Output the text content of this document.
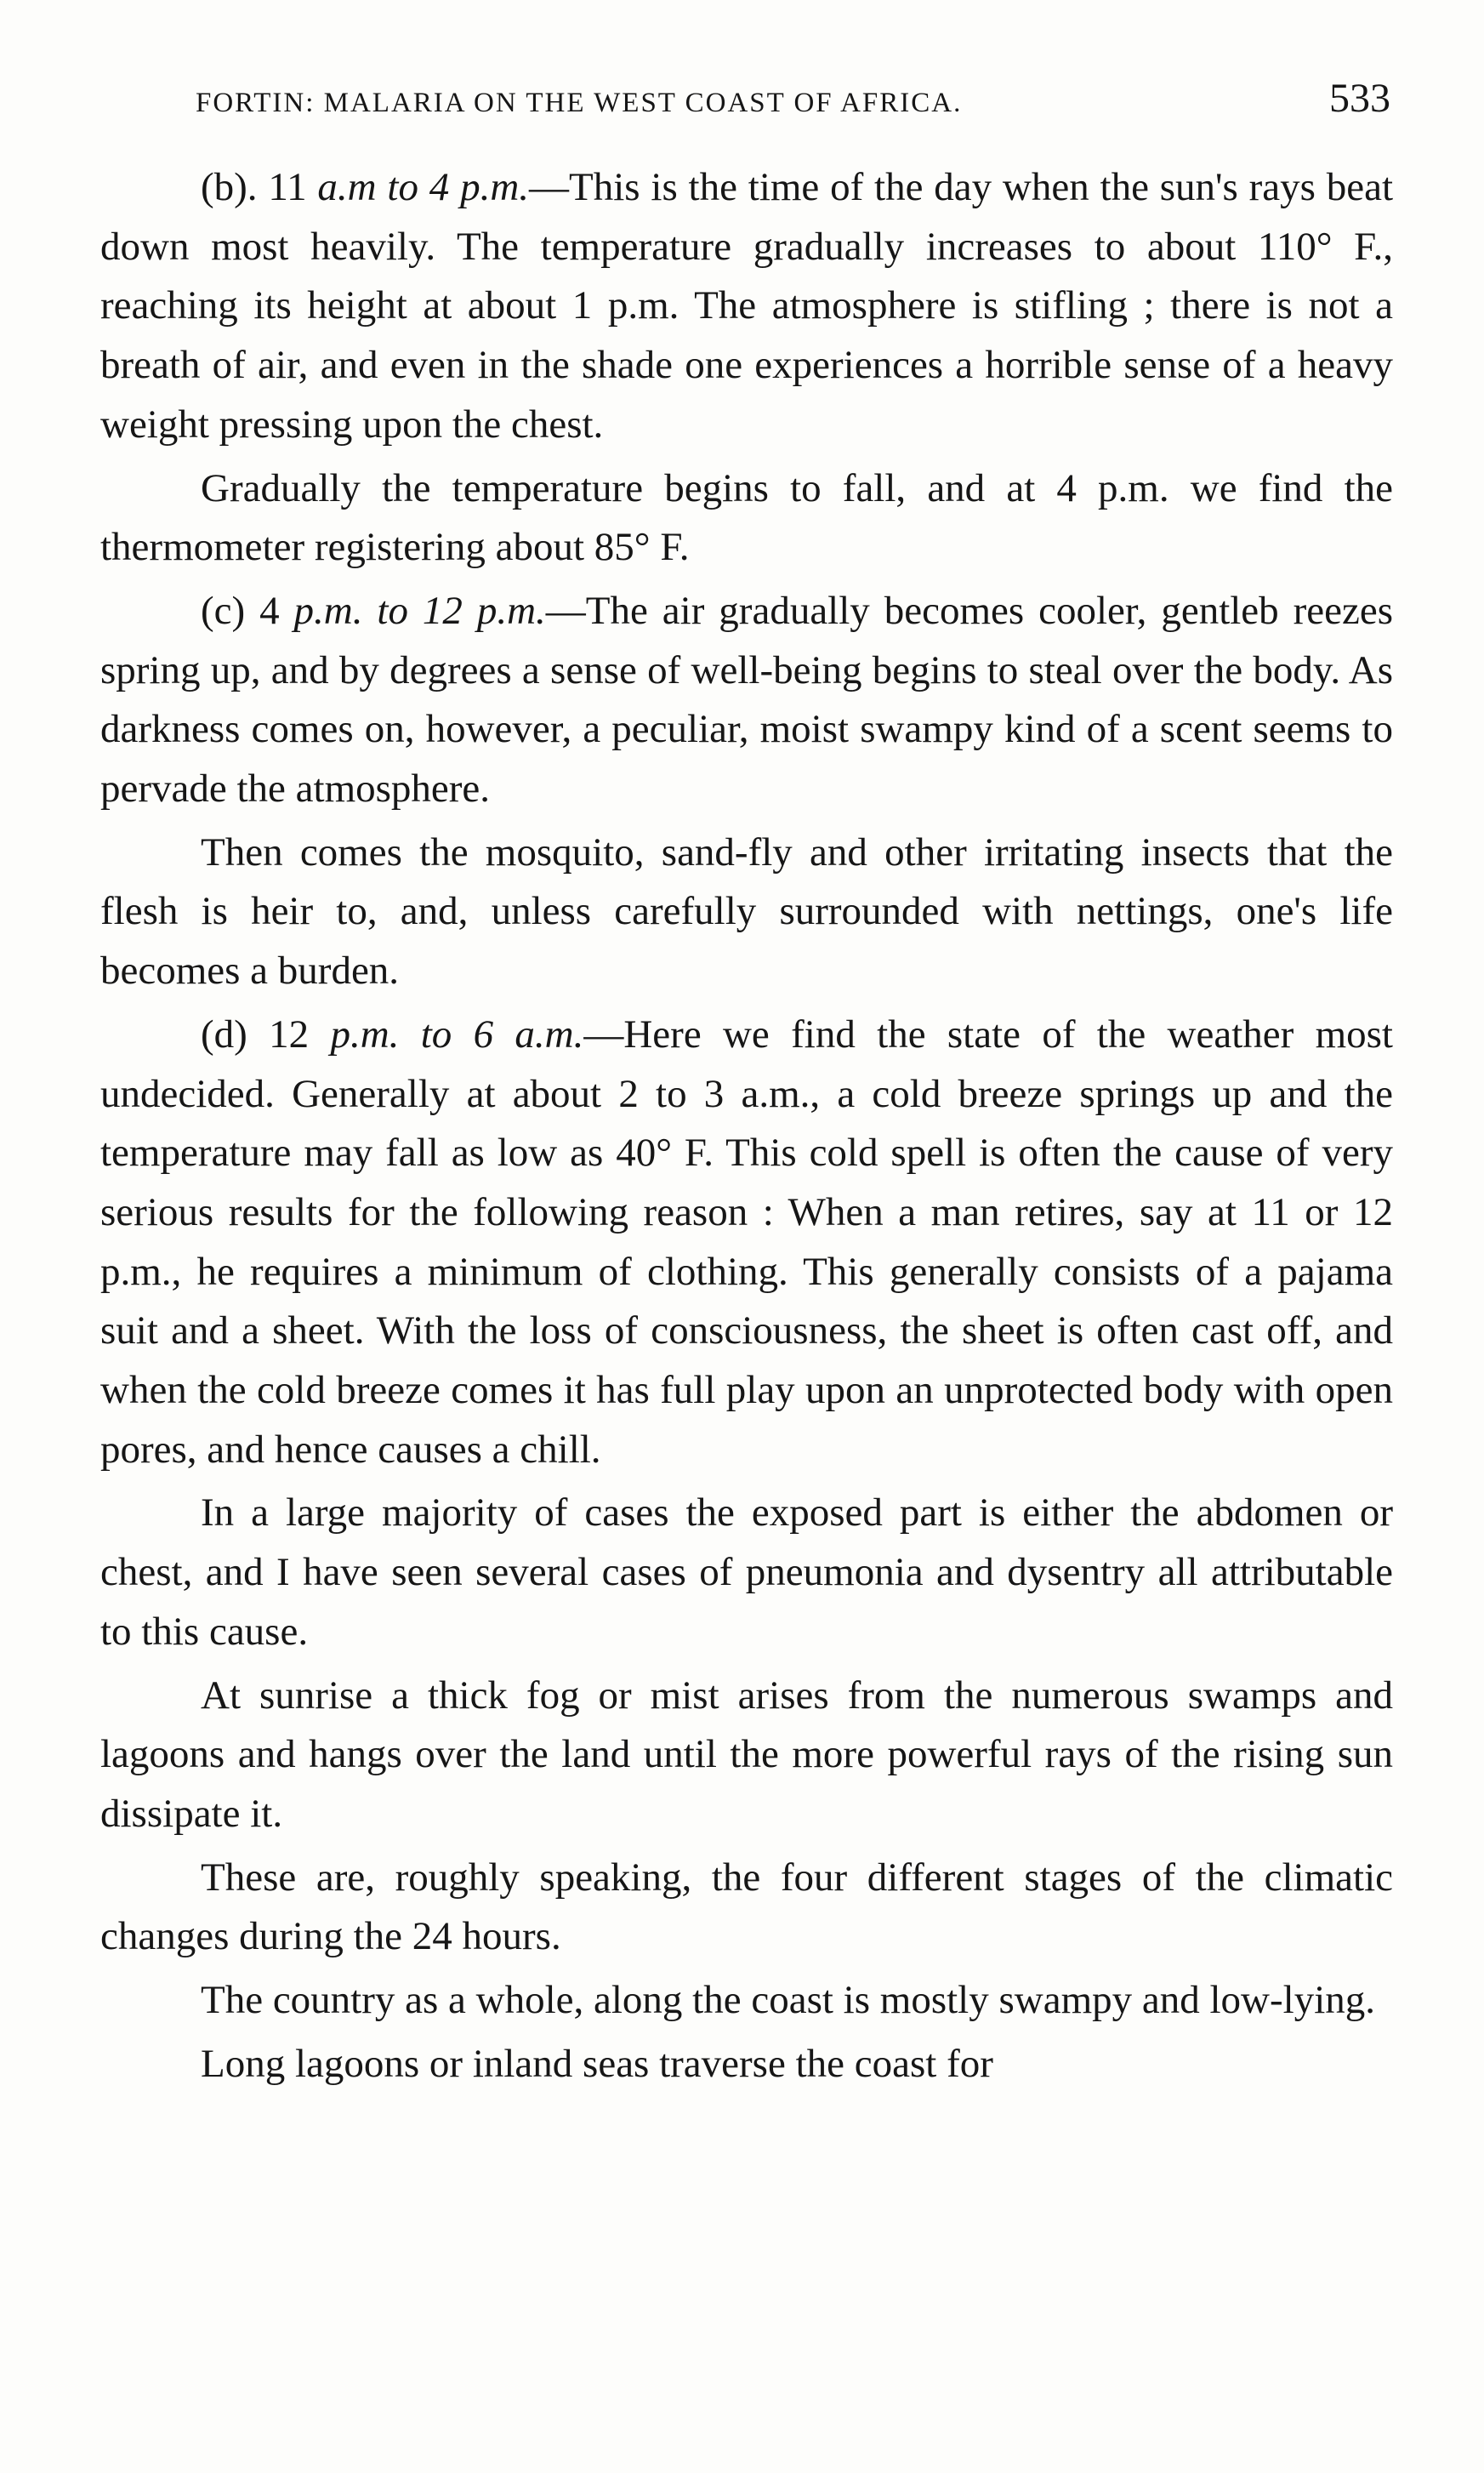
FORTIN: MALARIA ON THE WEST COAST OF AFRICA.	533

(b). 11 a.m to 4 p.m.—This is the time of the day when the sun's rays beat down most heavily. The temperature gradually increases to about 110° F., reaching its height at about 1 p.m. The atmosphere is stifling ; there is not a breath of air, and even in the shade one experiences a horrible sense of a heavy weight pressing upon the chest.

Gradually the temperature begins to fall, and at 4 p.m. we find the thermometer registering about 85° F.

(c) 4 p.m. to 12 p.m.—The air gradually becomes cooler, gentleb reezes spring up, and by degrees a sense of well-being begins to steal over the body. As darkness comes on, however, a peculiar, moist swampy kind of a scent seems to pervade the atmosphere.

Then comes the mosquito, sand-fly and other irritating insects that the flesh is heir to, and, unless carefully surrounded with nettings, one's life becomes a burden.

(d) 12 p.m. to 6 a.m.—Here we find the state of the weather most undecided. Generally at about 2 to 3 a.m., a cold breeze springs up and the temperature may fall as low as 40° F. This cold spell is often the cause of very serious results for the following reason : When a man retires, say at 11 or 12 p.m., he requires a minimum of clothing. This generally consists of a pajama suit and a sheet. With the loss of consciousness, the sheet is often cast off, and when the cold breeze comes it has full play upon an unprotected body with open pores, and hence causes a chill.

In a large majority of cases the exposed part is either the abdomen or chest, and I have seen several cases of pneumonia and dysentry all attributable to this cause.

At sunrise a thick fog or mist arises from the numerous swamps and lagoons and hangs over the land until the more powerful rays of the rising sun dissipate it.

These are, roughly speaking, the four different stages of the climatic changes during the 24 hours.

The country as a whole, along the coast is mostly swampy and low-lying.

Long lagoons or inland seas traverse the coast for
